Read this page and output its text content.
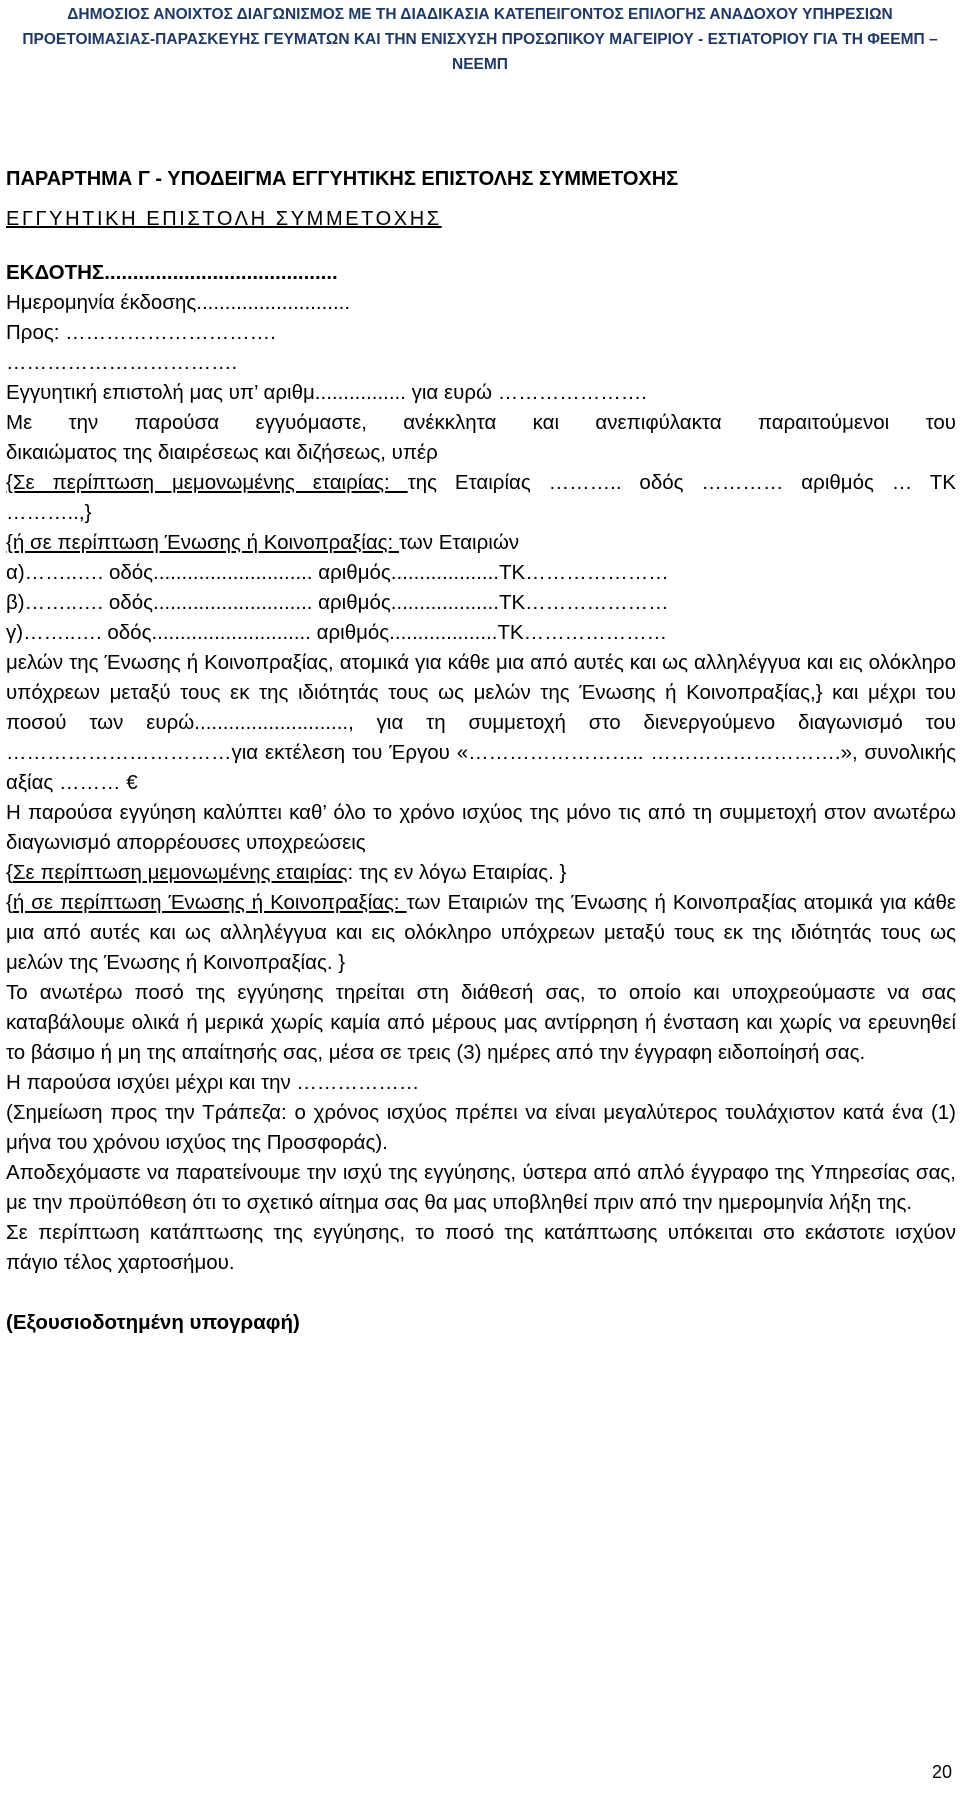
ΔΗΜΟΣΙΟΣ ΑΝΟΙΧΤΟΣ ΔΙΑΓΩΝΙΣΜΟΣ ΜΕ ΤΗ ΔΙΑΔΙΚΑΣΙΑ ΚΑΤΕΠΕΙΓΟΝΤΟΣ ΕΠΙΛΟΓΗΣ ΑΝΑΔΟΧΟΥ ΥΠΗΡΕΣΙΩΝ
ΠΡΟΕΤΟΙΜΑΣΙΑΣ-ΠΑΡΑΣΚΕΥΗΣ ΓΕΥΜΑΤΩΝ ΚΑΙ ΤΗΝ ΕΝΙΣΧΥΣΗ ΠΡΟΣΩΠΙΚΟΥ ΜΑΓΕΙΡΙΟΥ - ΕΣΤΙΑΤΟΡΙΟΥ ΓΙΑ ΤΗ ΦΕΕΜΠ –
ΝΕΕΜΠ
ΠΑΡΑΡΤΗΜΑ Γ - ΥΠΟΔΕΙΓΜΑ ΕΓΓΥΗΤΙΚΗΣ ΕΠΙΣΤΟΛΗΣ ΣΥΜΜΕΤΟΧΗΣ
ΕΓΓΥΗΤΙΚΗ ΕΠΙΣΤΟΛΗ ΣΥΜΜΕΤΟΧΗΣ
ΕΚΔΟΤΗΣ.........................................
Ημερομηνία έκδοσης...........................
Προς: ………………………….
…………………………….
Εγγυητική επιστολή μας υπ’ αριθμ................ για ευρώ ………………….
Με την παρούσα εγγυόμαστε, ανέκκλητα και ανεπιφύλακτα παραιτούμενοι του
δικαιώματος της διαιρέσεως και διζήσεως, υπέρ
{Σε περίπτωση μεμονωμένης εταιρίας: της Εταιρίας ……….. οδός ………… αριθμός … ΤΚ
………..,}
{ή σε περίπτωση Ένωσης ή Κοινοπραξίας: των Εταιριών
α)……..…. οδός............................ αριθμός...................ΤΚ…………………
β)……..…. οδός............................ αριθμός...................ΤΚ…………………
γ)……..…. οδός............................ αριθμός...................ΤΚ…………………
μελών της Ένωσης ή Κοινοπραξίας, ατομικά για κάθε μια από αυτές και ως αλληλέγγυα και εις ολόκληρο υπόχρεων μεταξύ τους εκ της ιδιότητάς τους ως μελών της Ένωσης ή Κοινοπραξίας,} και μέχρι του ποσού των ευρώ..........................., για τη συμμετοχή στο διενεργούμενο διαγωνισμό του ……………………………για εκτέλεση του Έργου «…………………….. ……………………….», συνολικής αξίας ……… €
Η παρούσα εγγύηση καλύπτει καθ’ όλο το χρόνο ισχύος της μόνο τις από τη συμμετοχή στον ανωτέρω διαγωνισμό απορρέουσες υποχρεώσεις
{Σε περίπτωση μεμονωμένης εταιρίας: της εν λόγω Εταιρίας. }
{ή σε περίπτωση Ένωσης ή Κοινοπραξίας: των Εταιριών της Ένωσης ή Κοινοπραξίας ατομικά για κάθε μια από αυτές και ως αλληλέγγυα και εις ολόκληρο υπόχρεων μεταξύ τους εκ της ιδιότητάς τους ως μελών της Ένωσης ή Κοινοπραξίας. }
Το ανωτέρω ποσό της εγγύησης τηρείται στη διάθεσή σας, το οποίο και υποχρεούμαστε να σας καταβάλουμε ολικά ή μερικά χωρίς καμία από μέρους μας αντίρρηση ή ένσταση και χωρίς να ερευνηθεί το βάσιμο ή μη της απαίτησής σας, μέσα σε τρεις (3) ημέρες από την έγγραφη ειδοποίησή σας.
Η παρούσα ισχύει μέχρι και την ………………
(Σημείωση προς την Τράπεζα: ο χρόνος ισχύος πρέπει να είναι μεγαλύτερος τουλάχιστον κατά ένα (1) μήνα του χρόνου ισχύος της Προσφοράς).
Αποδεχόμαστε να παρατείνουμε την ισχύ της εγγύησης, ύστερα από απλό έγγραφο της Υπηρεσίας σας, με την προϋπόθεση ότι το σχετικό αίτημα σας θα μας υποβληθεί πριν από την ημερομηνία λήξη της.
Σε περίπτωση κατάπτωσης της εγγύησης, το ποσό της κατάπτωσης υπόκειται στο εκάστοτε ισχύον πάγιο τέλος χαρτοσήμου.
(Εξουσιοδοτημένη υπογραφή)
20
